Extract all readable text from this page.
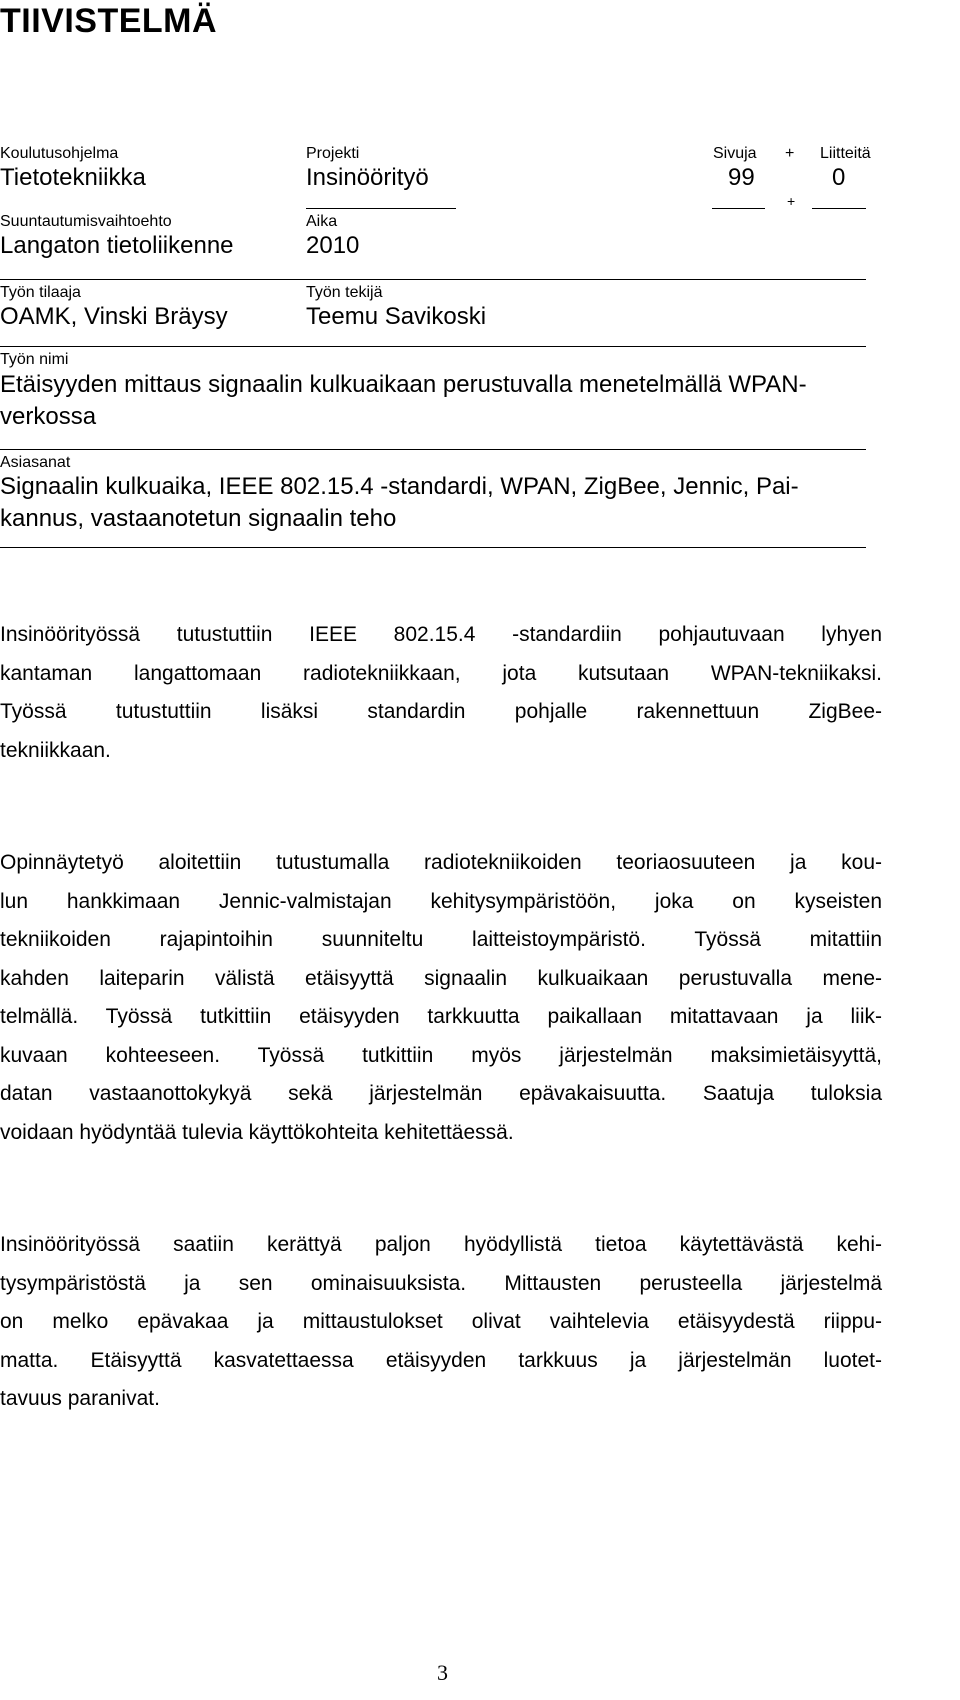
TIIVISTELMÄ
Koulutusohjelma
Tietotekniikka
Projekti
Insinöörityö
Sivuja + Liitteitä
99	0
+
Suuntautumisvaihtoehto
Langaton tietoliikenne
Aika
2010
Työn tilaaja
OAMK, Vinski Bräysy
Työn tekijä
Teemu Savikoski
Työn nimi
Etäisyyden mittaus signaalin kulkuaikaan perustuvalla menetelmällä WPAN-
verkossa
Asiasanat
Signaalin kulkuaika, IEEE 802.15.4 -standardi, WPAN, ZigBee, Jennic, Pai-
kannus, vastaanotetun signaalin teho
Insinöörityössä tutustuttiin IEEE 802.15.4 -standardiin pohjautuvaan lyhyen
kantaman langattomaan radiotekniikkaan, jota kutsutaan WPAN-tekniikaksi.
Työssä tutustuttiin lisäksi standardin pohjalle rakennettuun ZigBee-
tekniikkaan.
Opinnäytetyö aloitettiin tutustumalla radiotekniikoiden teoriaosuuteen ja kou-
lun hankkimaan Jennic-valmistajan kehitysympäristöön, joka on kyseisten
tekniikoiden rajapintoihin suunniteltu laitteistoympäristö. Työssä mitattiin
kahden laiteparin välistä etäisyyttä signaalin kulkuaikaan perustuvalla mene-
telmällä. Työssä tutkittiin etäisyyden tarkkuutta paikallaan mitattavaan ja liik-
kuvaan kohteeseen. Työssä tutkittiin myös järjestelmän maksimietäisyyttä,
datan vastaanottokykyä sekä järjestelmän epävakaisuutta. Saatuja tuloksia
voidaan hyödyntää tulevia käyttökohteita kehitettäessä.
Insinöörityössä saatiin kerättyä paljon hyödyllistä tietoa käytettävästä kehi-
tysympäristöstä ja sen ominaisuuksista. Mittausten perusteella järjestelmä
on melko epävakaa ja mittaustulokset olivat vaihtelevia etäisyydestä riippu-
matta. Etäisyyttä kasvatettaessa etäisyyden tarkkuus ja järjestelmän luotet-
tavuus paranivat.
3
